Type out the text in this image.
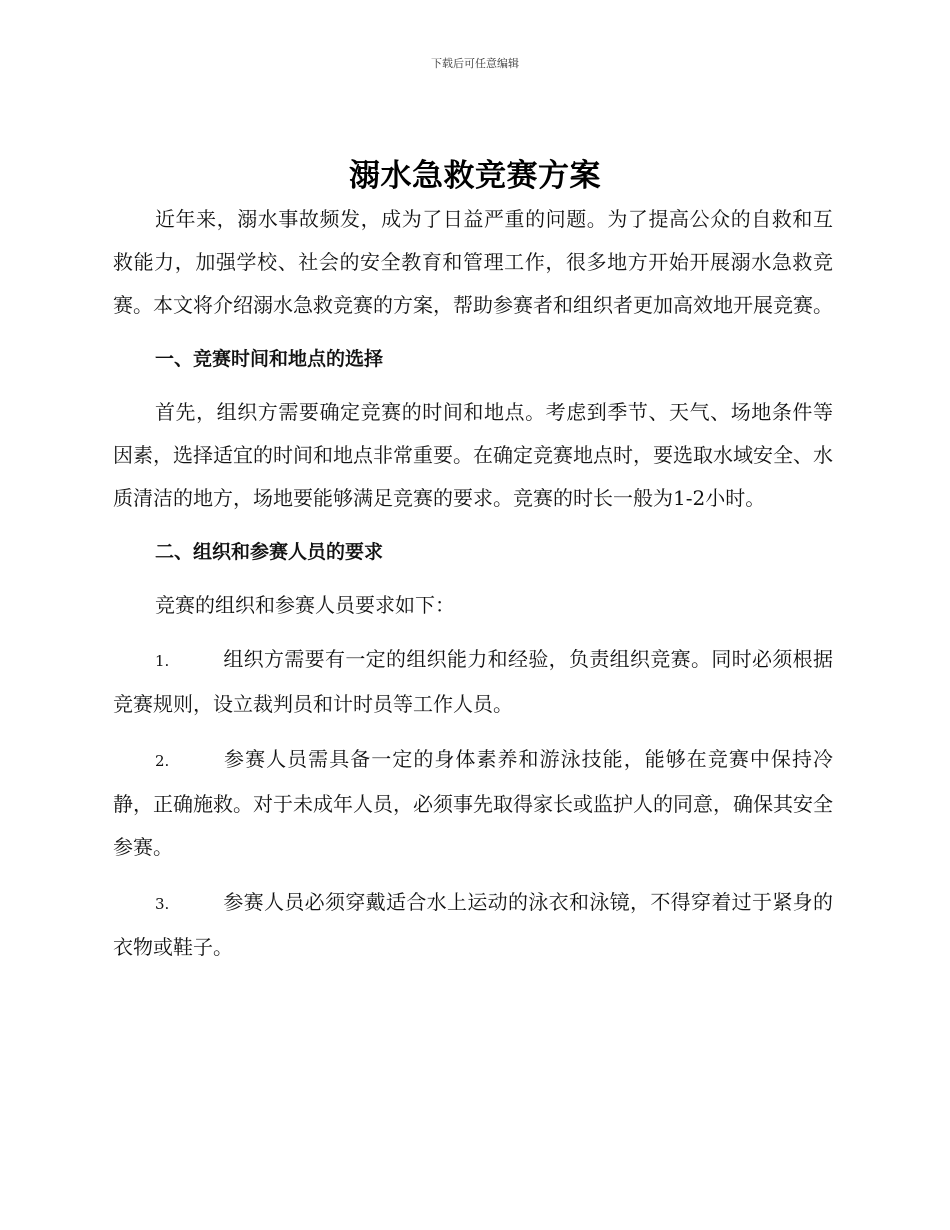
下载后可任意编辑
溺水急救竞赛方案

近年来，溺水事故频发，成为了日益严重的问题。为了提高公众的自救和互救能力，加强学校、社会的安全教育和管理工作，很多地方开始开展溺水急救竞赛。本文将介绍溺水急救竞赛的方案，帮助参赛者和组织者更加高效地开展竞赛。

一、竞赛时间和地点的选择

首先，组织方需要确定竞赛的时间和地点。考虑到季节、天气、场地条件等因素，选择适宜的时间和地点非常重要。在确定竞赛地点时，要选取水域安全、水质清洁的地方，场地要能够满足竞赛的要求。竞赛的时长一般为1-2小时。

二、组织和参赛人员的要求

竞赛的组织和参赛人员要求如下：

1.	组织方需要有一定的组织能力和经验，负责组织竞赛。同时必须根据竞赛规则，设立裁判员和计时员等工作人员。

2.	参赛人员需具备一定的身体素养和游泳技能，能够在竞赛中保持冷静，正确施救。对于未成年人员，必须事先取得家长或监护人的同意，确保其安全参赛。

3.	参赛人员必须穿戴适合水上运动的泳衣和泳镜，不得穿着过于紧身的衣物或鞋子。
